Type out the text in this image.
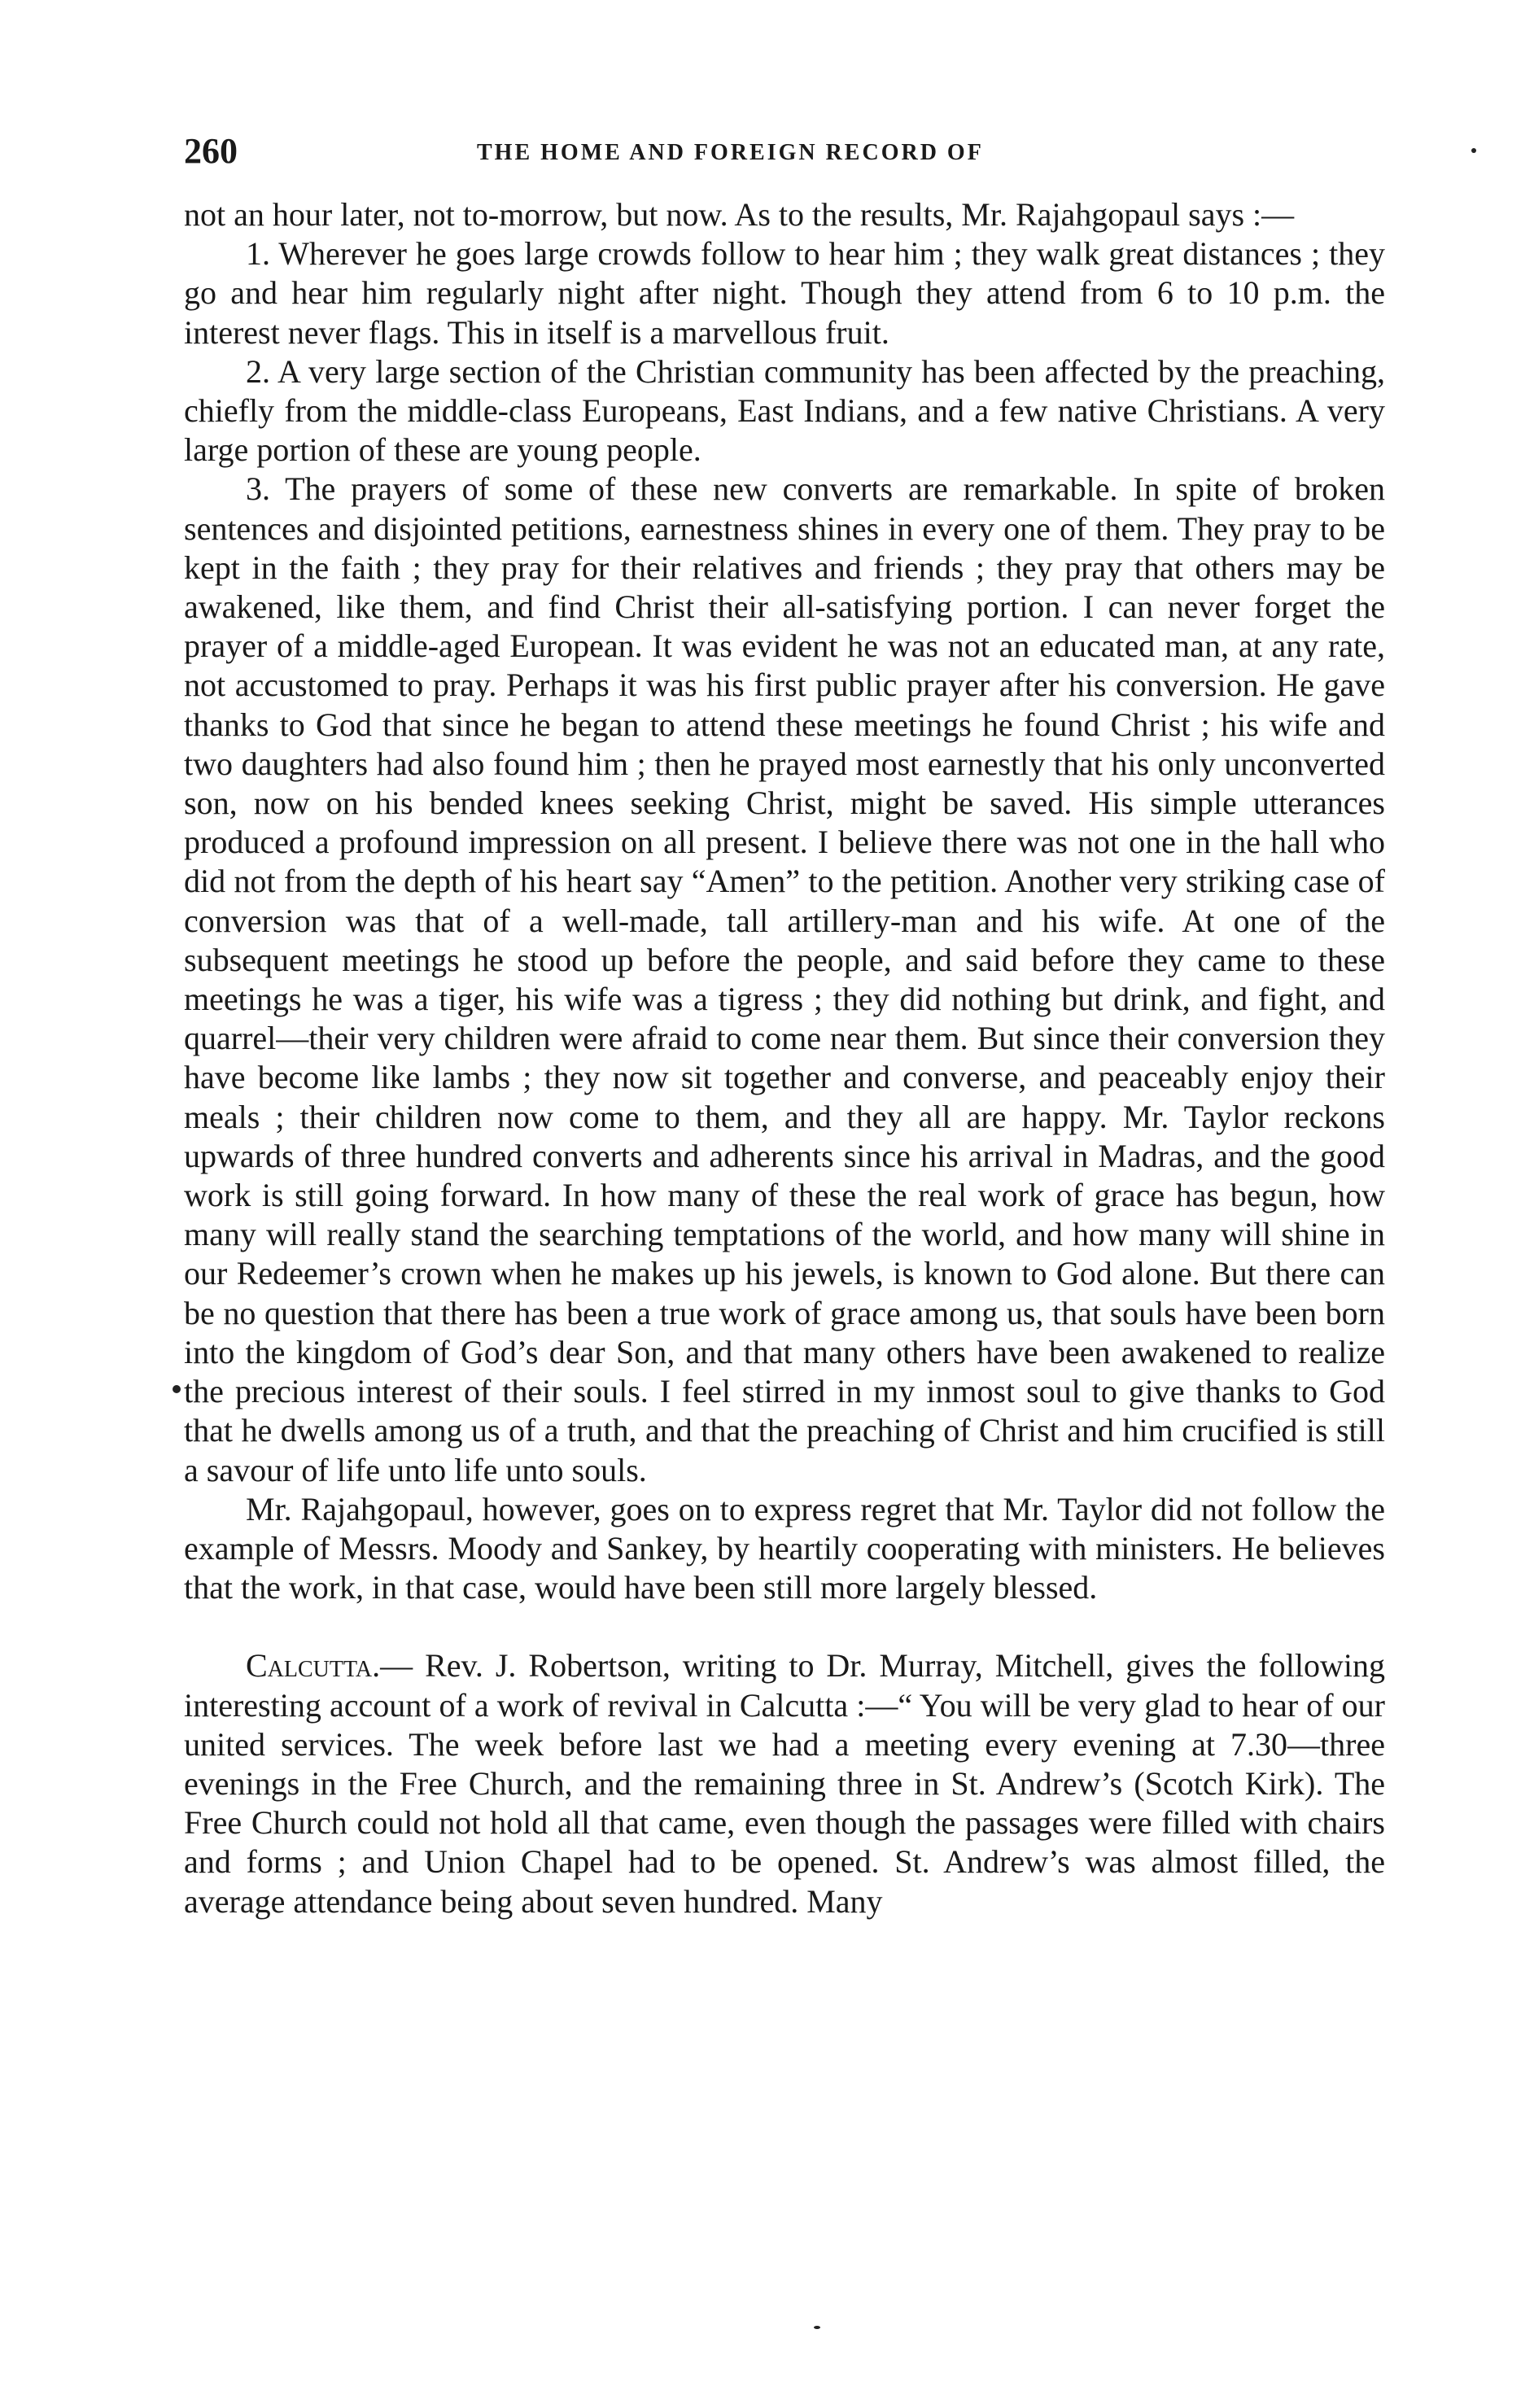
260	THE HOME AND FOREIGN RECORD OF

not an hour later, not to-morrow, but now. As to the results, Mr. Rajahgopaul says :—

1. Wherever he goes large crowds follow to hear him ; they walk great distances ; they go and hear him regularly night after night. Though they attend from 6 to 10 p.m. the interest never flags. This in itself is a marvellous fruit.

2. A very large section of the Christian community has been affected by the preaching, chiefly from the middle-class Europeans, East Indians, and a few native Christians. A very large portion of these are young people.

3. The prayers of some of these new converts are remarkable. In spite of broken sentences and disjointed petitions, earnestness shines in every one of them. They pray to be kept in the faith ; they pray for their relatives and friends ; they pray that others may be awakened, like them, and find Christ their all-satisfying portion. I can never forget the prayer of a middle-aged European. It was evident he was not an educated man, at any rate, not accustomed to pray. Perhaps it was his first public prayer after his conversion. He gave thanks to God that since he began to attend these meetings he found Christ ; his wife and two daughters had also found him ; then he prayed most earnestly that his only unconverted son, now on his bended knees seeking Christ, might be saved. His simple utterances produced a profound impression on all present. I believe there was not one in the hall who did not from the depth of his heart say “Amen” to the petition. Another very striking case of conversion was that of a well-made, tall artillery-man and his wife. At one of the subsequent meetings he stood up before the people, and said before they came to these meetings he was a tiger, his wife was a tigress ; they did nothing but drink, and fight, and quarrel—their very children were afraid to come near them. But since their conversion they have become like lambs ; they now sit together and converse, and peaceably enjoy their meals ; their children now come to them, and they all are happy. Mr. Taylor reckons upwards of three hundred converts and adherents since his arrival in Madras, and the good work is still going forward. In how many of these the real work of grace has begun, how many will really stand the searching temptations of the world, and how many will shine in our Redeemer’s crown when he makes up his jewels, is known to God alone. But there can be no question that there has been a true work of grace among us, that souls have been born into the kingdom of God’s dear Son, and that many others have been awakened to realize the precious interest of their souls. I feel stirred in my inmost soul to give thanks to God that he dwells among us of a truth, and that the preaching of Christ and him crucified is still a savour of life unto life unto souls.

Mr. Rajahgopaul, however, goes on to express regret that Mr. Taylor did not follow the example of Messrs. Moody and Sankey, by heartily cooperating with ministers. He believes that the work, in that case, would have been still more largely blessed.

Calcutta.— Rev. J. Robertson, writing to Dr. Murray, Mitchell, gives the following interesting account of a work of revival in Calcutta :—“ You will be very glad to hear of our united services. The week before last we had a meeting every evening at 7.30—three evenings in the Free Church, and the remaining three in St. Andrew’s (Scotch Kirk). The Free Church could not hold all that came, even though the passages were filled with chairs and forms ; and Union Chapel had to be opened. St. Andrew’s was almost filled, the average attendance being about seven hundred. Many
